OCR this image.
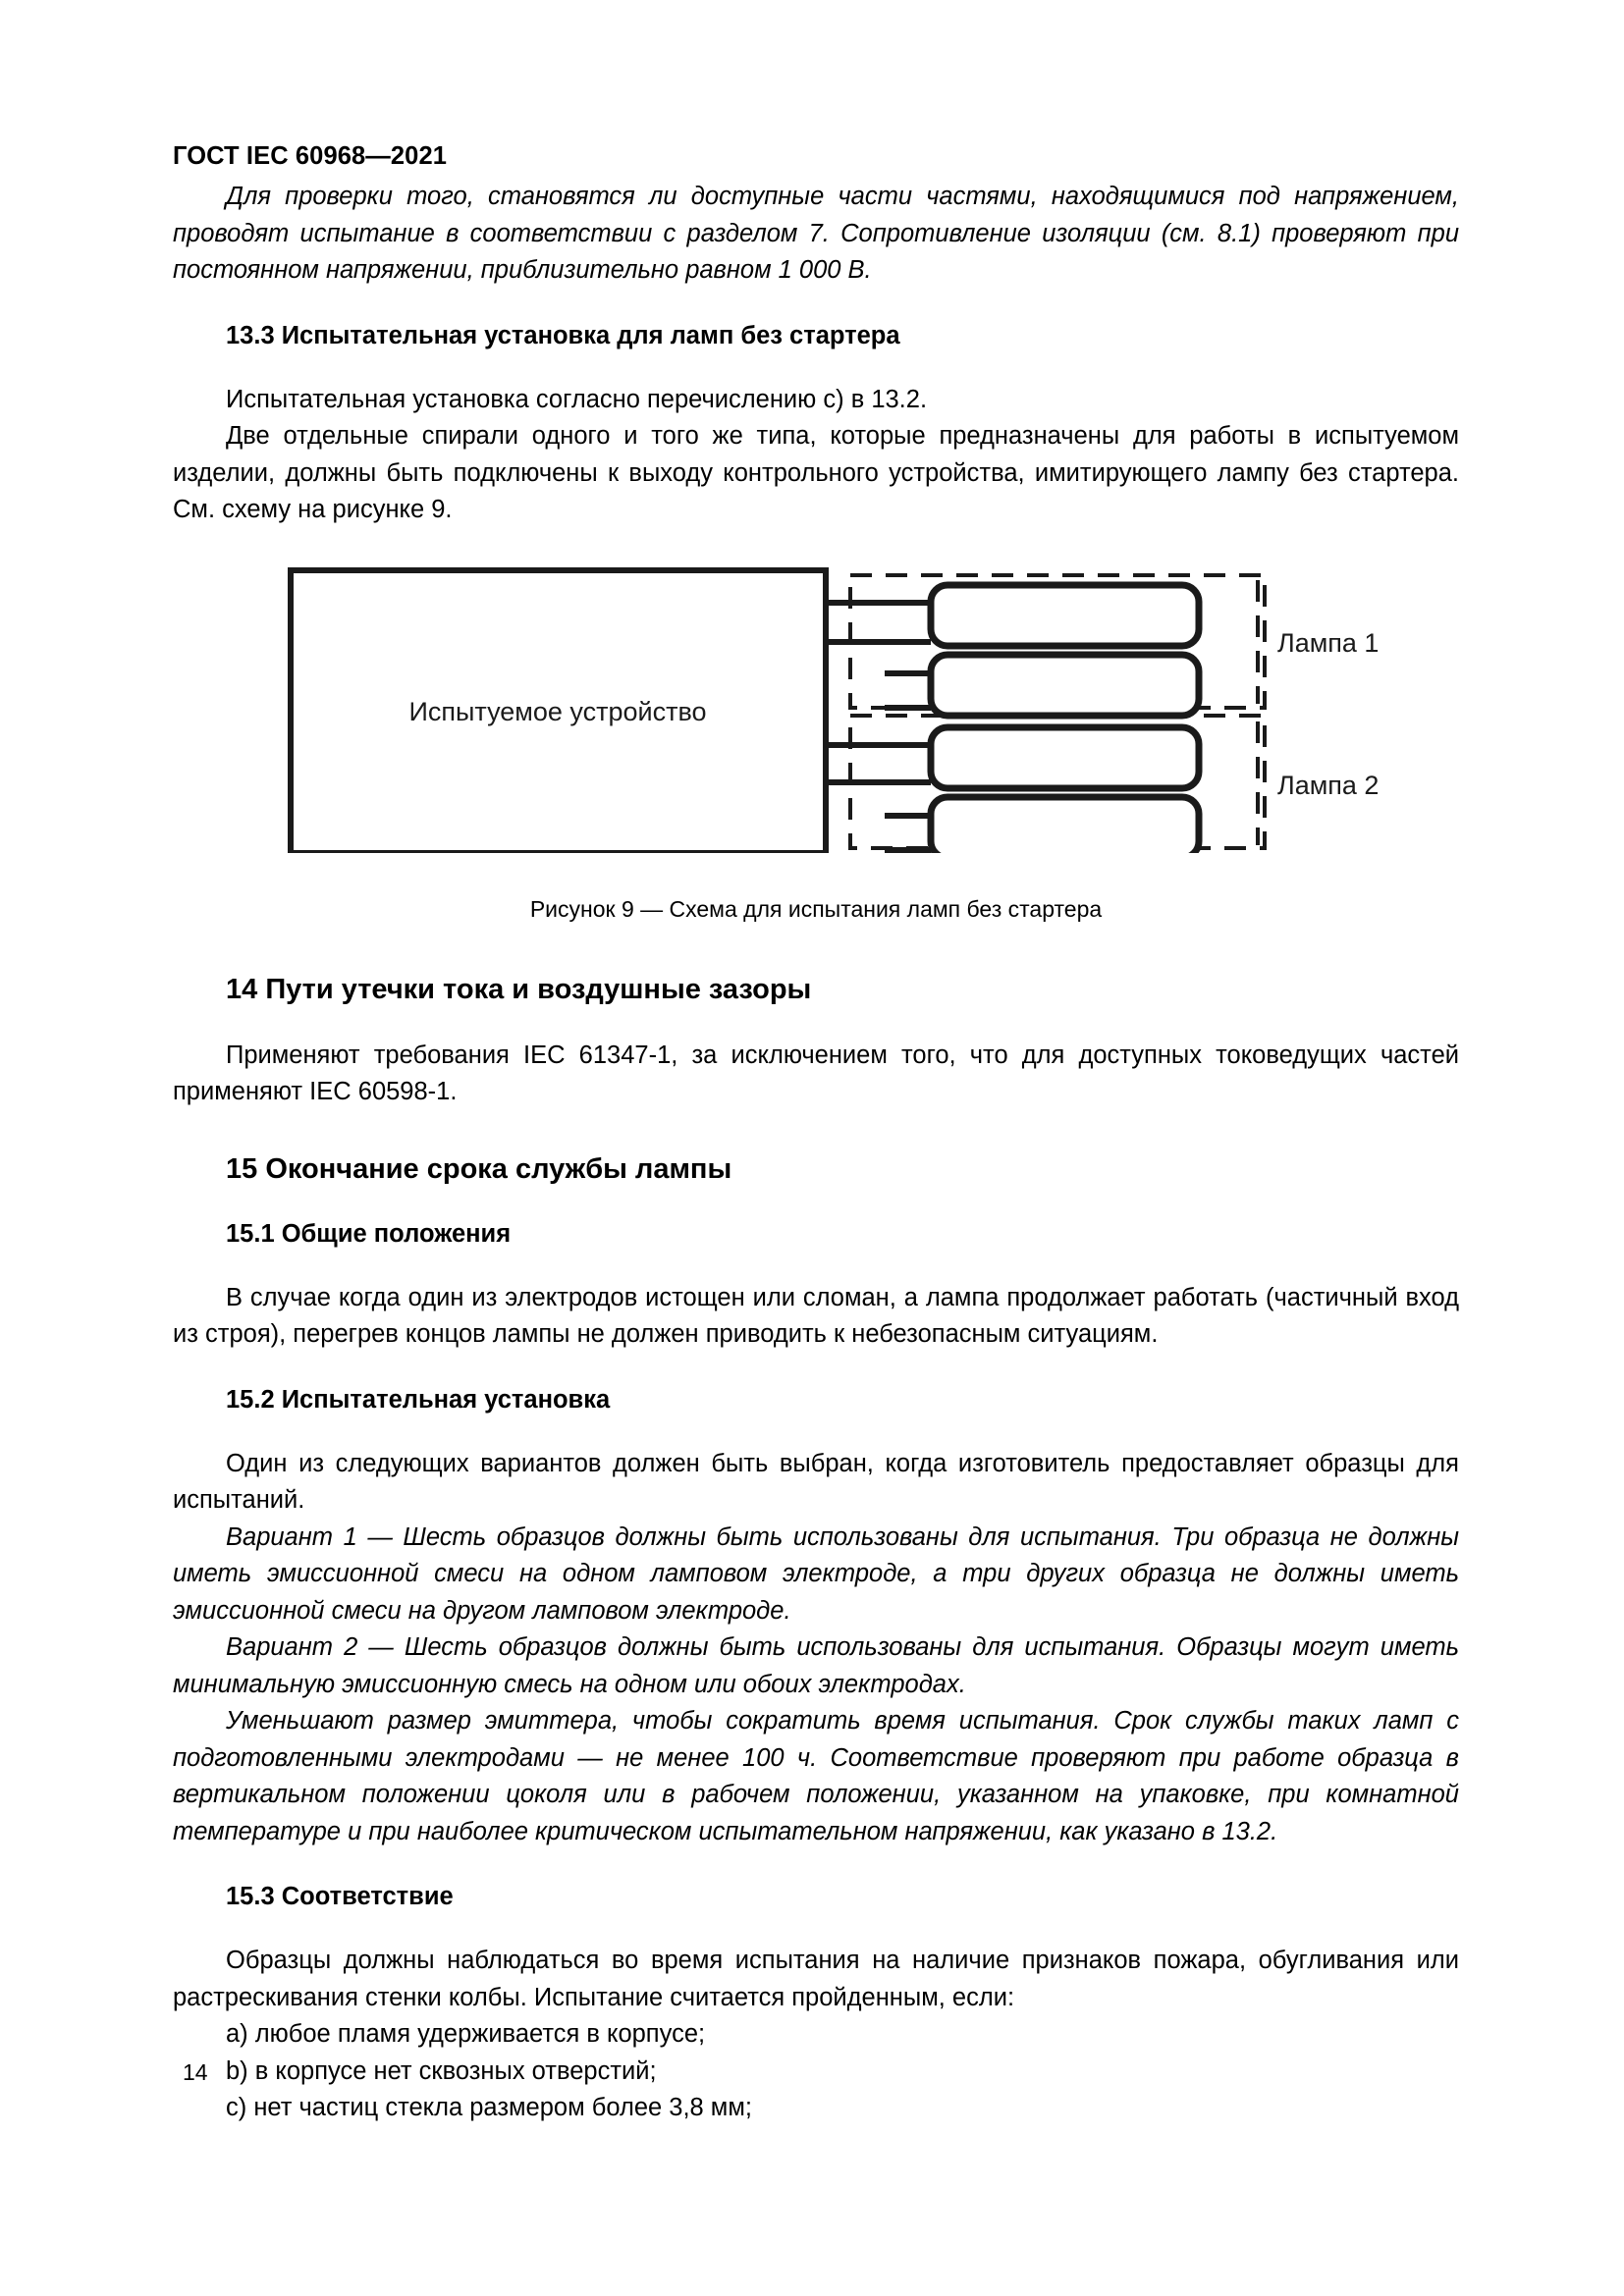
ГОСТ IEC 60968—2021

Для проверки того, становятся ли доступные части частями, находящимися под напряжением, проводят испытание в соответствии с разделом 7. Сопротивление изоляции (см. 8.1) проверяют при постоянном напряжении, приблизительно равном 1 000 В.

13.3 Испытательная установка для ламп без стартера

Испытательная установка согласно перечислению c) в 13.2.

Две отдельные спирали одного и того же типа, которые предназначены для работы в испытуемом изделии, должны быть подключены к выходу контрольного устройства, имитирующего лампу без стартера. См. схему на рисунке 9.

Лампа 1
Лампа 2
Испытуемое устройство

Рисунок 9 — Схема для испытания ламп без стартера

14 Пути утечки тока и воздушные зазоры

Применяют требования IEC 61347-1, за исключением того, что для доступных токоведущих частей применяют IEC 60598-1.

15 Окончание срока службы лампы
15.1 Общие положения

В случае когда один из электродов истощен или сломан, а лампа продолжает работать (частичный вход из строя), перегрев концов лампы не должен приводить к небезопасным ситуациям.

15.2 Испытательная установка

Один из следующих вариантов должен быть выбран, когда изготовитель предоставляет образцы для испытаний.

Вариант 1 — Шесть образцов должны быть использованы для испытания. Три образца не должны иметь эмиссионной смеси на одном ламповом электроде, а три других образца не должны иметь эмиссионной смеси на другом ламповом электроде.

Вариант 2 — Шесть образцов должны быть использованы для испытания. Образцы могут иметь минимальную эмиссионную смесь на одном или обоих электродах.

Уменьшают размер эмиттера, чтобы сократить время испытания. Срок службы таких ламп с подготовленными электродами — не менее 100 ч. Соответствие проверяют при работе образца в вертикальном положении цоколя или в рабочем положении, указанном на упаковке, при комнатной температуре и при наиболее критическом испытательном напряжении, как указано в 13.2.

15.3 Соответствие

Образцы должны наблюдаться во время испытания на наличие признаков пожара, обугливания или растрескивания стенки колбы. Испытание считается пройденным, если:

a) любое пламя удерживается в корпусе;

b) в корпусе нет сквозных отверстий;

c) нет частиц стекла размером более 3,8 мм;

14
